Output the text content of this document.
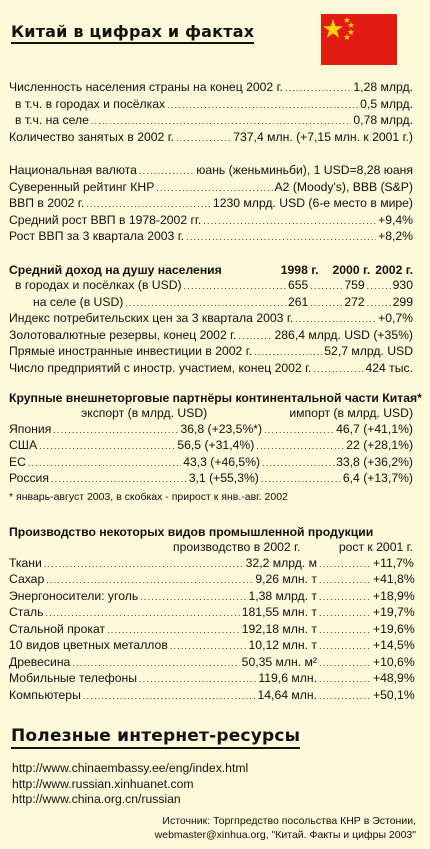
Китай в цифрах и фактах
Численность населения страны на конец 2002 г. .....	1,28 млрд.
в т.ч. в городах и посёлках .....	0,5 млрд.
в т.ч. на селе .....	0,78 млрд.
Количество занятых в 2002 г. .....	737,4 млн. (+7,15 млн. к 2001 г.)
Национальная валюта .....	юань (женьминьби), 1 USD=8,28 юаня
Суверенный рейтинг КНР .....	A2 (Moody's), BBB (S&P)
ВВП в 2002 г. .....	1230 млрд. USD (6-е место в мире)
Средний рост ВВП в 1978-2002 гг. .....	+9,4%
Рост ВВП за 3 квартала 2003 г. .....	+8,2%
Средний доход на душу населения	1998 г. 2000 г. 2002 г.
в городах и посёлках (в USD) .....	655 .....	759 ..... 930
на селе (в USD) .....	261 .....	272 ..... 299
Индекс потребительских цен за 3 квартала 2003 г. .....	+0,7%
Золотовалютные резервы, конец 2002 г. .....	286,4 млрд. USD (+35%)
Прямые иностранные инвестиции в 2002 г. .....	52,7 млрд. USD
Число предприятий с иностр. участием, конец 2002 г. .....	424 тыс.
Крупные внешнеторговые партнёры континентальной части Китая*
экспорт (в млрд. USD)	импорт (в млрд. USD)
Япония .....	36,8 (+23,5%*) .....	46,7 (+41,1%)
США .....	56,5 (+31,4%) .....	22 (+28,1%)
ЕС .....	43,3 (+46,5%) .....	33,8 (+36,2%)
Россия .....	3,1 (+55,3%) .....	6,4 (+13,7%)
* январь-август 2003, в скобках - прирост к янв.-авг. 2002
Производство некоторых видов промышленной продукции
производство в 2002 г.	рост к 2001 г.
Ткани .....	32,2 млрд. м .....	+11,7%
Сахар .....	9,26 млн. т .....	+41,8%
Энергоносители: уголь .....	1,38 млрд. т .....	+18,9%
Сталь .....	181,55 млн. т .....	+19,7%
Стальной прокат .....	192,18 млн. т .....	+19,6%
10 видов цветных металлов .....	10,12 млн. т .....	+14,5%
Древесина .....	50,35 млн. м² .....	+10,6%
Мобильные телефоны .....	119,6 млн. .....	+48,9%
Компьютеры .....	14,64 млн. .....	+50,1%
Полезные интернет-ресурсы
http://www.chinaembassy.ee/eng/index.html
http://www.russian.xinhuanet.com
http://www.china.org.cn/russian
Источник: Торгпредство посольства КНР в Эстонии,
webmaster@xinhua.org, "Китай. Факты и цифры 2003"
